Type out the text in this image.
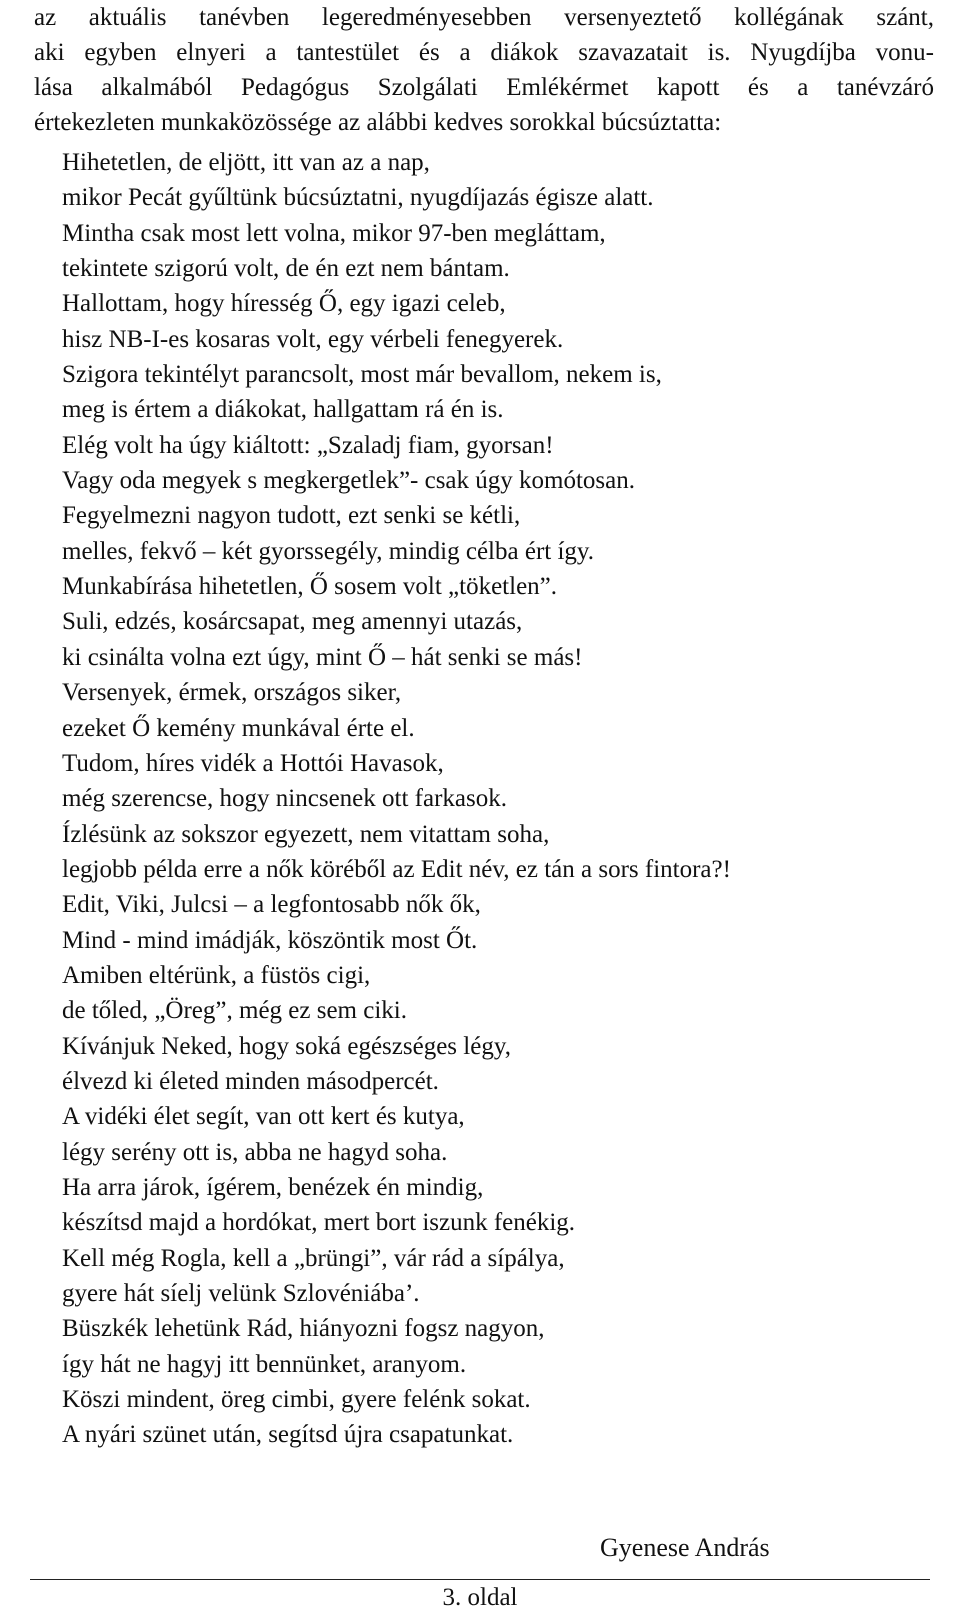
az aktuális tanévben legeredményesebben versenyeztető kollégának szánt,
aki egyben elnyeri a tantestület és a diákok szavazatait is. Nyugdíjba vonu-
lása alkalmából Pedagógus Szolgálati Emlékérmet kapott és a tanévzáró
értekezleten munkaközössége az alábbi kedves sorokkal búcsúztatta:
Hihetetlen, de eljött, itt van az a nap,
mikor Pecát gyűltünk búcsúztatni, nyugdíjazás égisze alatt.
Mintha csak most lett volna, mikor 97-ben megláttam,
tekintete szigorú volt, de én ezt nem bántam.
Hallottam, hogy híresség Ő, egy igazi celeb,
hisz NB-I-es kosaras volt, egy vérbeli fenegyerek.
Szigora tekintélyt parancsolt, most már bevallom, nekem is,
meg is értem a diákokat, hallgattam rá én is.
Elég volt ha úgy kiáltott: „Szaladj fiam, gyorsan!
Vagy oda megyek s megkergetlek”- csak úgy komótosan.
Fegyelmezni nagyon tudott, ezt senki se kétli,
melles, fekvő – két gyorssegély, mindig célba ért így.
Munkabírása hihetetlen, Ő sosem volt „töketlen”.
Suli, edzés, kosárcsapat, meg amennyi utazás,
ki csinálta volna ezt úgy, mint Ő – hát senki se más!
Versenyek, érmek, országos siker,
ezeket Ő kemény munkával érte el.
Tudom, híres vidék a Hottói Havasok,
még szerencse, hogy nincsenek ott farkasok.
Ízlésünk az sokszor egyezett, nem vitattam soha,
legjobb példa erre a nők köréből az Edit név, ez tán a sors fintora?!
Edit, Viki, Julcsi – a legfontosabb nők ők,
Mind - mind imádják, köszöntik most Őt.
Amiben eltérünk, a füstös cigi,
de tőled, „Öreg”, még ez sem ciki.
Kívánjuk Neked, hogy soká egészséges légy,
élvezd ki életed minden másodpercét.
A vidéki élet segít, van ott kert és kutya,
légy serény ott is, abba ne hagyd soha.
Ha arra járok, ígérem, benézek én mindig,
készítsd majd a hordókat, mert bort iszunk fenékig.
Kell még Rogla, kell a „brüngi”, vár rád a sípálya,
gyere hát síelj velünk Szlovéniába’.
Büszkék lehetünk Rád, hiányozni fogsz nagyon,
így hát ne hagyj itt bennünket, aranyom.
Köszi mindent, öreg cimbi, gyere felénk sokat.
A nyári szünet után, segítsd újra csapatunkat.
Gyenese András
3. oldal
